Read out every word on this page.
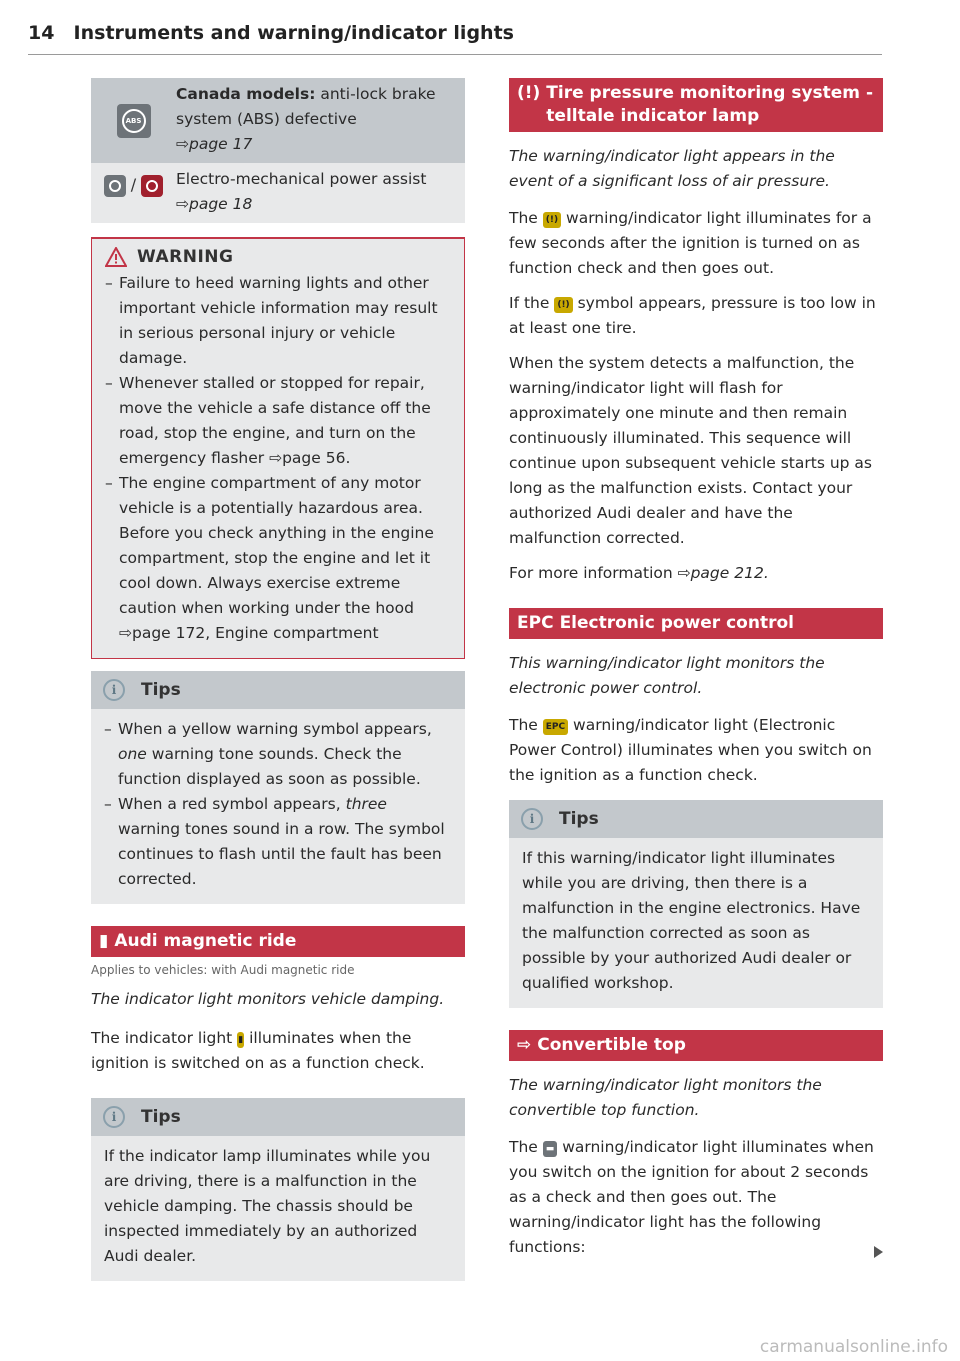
14 Instruments and warning/indicator lights
ABS
Canada models: anti-lock brake system (ABS) defective
⇨page 17
/	Electro-mechanical power assist
⇨page 18
WARNING
– Failure to heed warning lights and other important vehicle information may result in serious personal injury or vehicle damage.
– Whenever stalled or stopped for repair, move the vehicle a safe distance off the road, stop the engine, and turn on the emergency flasher ⇨page 56.
– The engine compartment of any motor vehicle is a potentially hazardous area. Before you check anything in the engine compartment, stop the engine and let it cool down. Always exercise extreme caution when working under the hood ⇨page 172, Engine compartment
i	Tips
– When a yellow warning symbol appears, one warning tone sounds. Check the function displayed as soon as possible.
– When a red symbol appears, three warning tones sound in a row. The symbol continues to flash until the fault has been corrected.
▮ Audi magnetic ride
Applies to vehicles: with Audi magnetic ride

The indicator light monitors vehicle damping.

The indicator light ▮ illuminates when the ignition is switched on as a function check.

i	Tips

If the indicator lamp illuminates while you are driving, there is a malfunction in the vehicle damping. The chassis should be inspected immediately by an authorized Audi dealer.

(!) Tire pressure monitoring system - telltale indicator lamp

The warning/indicator light appears in the event of a significant loss of air pressure.

The (!) warning/indicator light illuminates for a few seconds after the ignition is turned on as function check and then goes out.

If the (!) symbol appears, pressure is too low in at least one tire.

When the system detects a malfunction, the warning/indicator light will flash for approximately one minute and then remain continuously illuminated. This sequence will continue upon subsequent vehicle starts up as long as the malfunction exists. Contact your authorized Audi dealer and have the malfunction corrected.

For more information ⇨page 212.

EPC Electronic power control

This warning/indicator light monitors the electronic power control.

The EPC warning/indicator light (Electronic Power Control) illuminates when you switch on the ignition as a function check.

i	Tips

If this warning/indicator light illuminates while you are driving, then there is a malfunction in the engine electronics. Have the malfunction corrected as soon as possible by your authorized Audi dealer or qualified workshop.

⇨ Convertible top

The warning/indicator light monitors the convertible top function.

The ▬ warning/indicator light illuminates when you switch on the ignition for about 2 seconds as a check and then goes out. The warning/indicator light has the following functions:

carmanualsonline.info
